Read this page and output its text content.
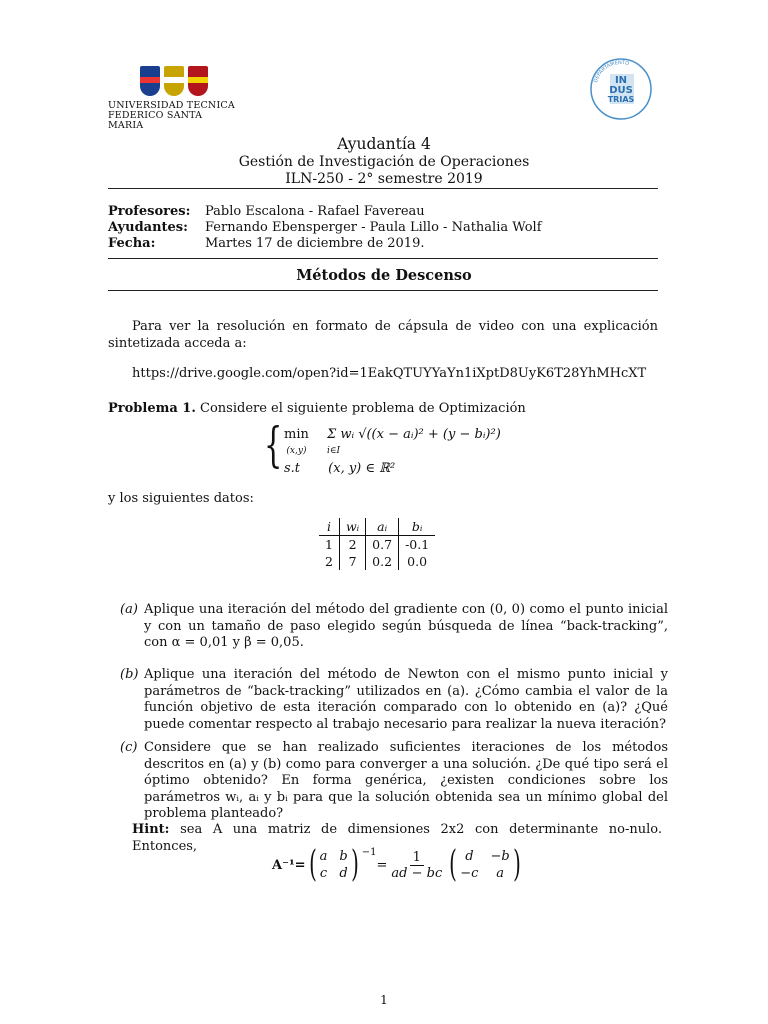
UNIVERSIDAD TECNICA
FEDERICO SANTA MARIA
DEPARTAMENTO
IN
DUS
TRIAS
Ayudantía 4
Gestión de Investigación de Operaciones
ILN-250 - 2° semestre 2019
Profesores:	Pablo Escalona - Rafael Favereau
Ayudantes:	Fernando Ebensperger - Paula Lillo - Nathalia Wolf
Fecha:	Martes 17 de diciembre de 2019.
Métodos de Descenso
Para ver la resolución en formato de cápsula de video con una explicación sintetizada acceda a:
https://drive.google.com/open?id=1EakQTUYYaYn1iXptD8UyK6T28YhMHcXT
Problema 1. Considere el siguiente problema de Optimización
{ min
(x,y) Σ wᵢ √((x − aᵢ)² + (y − bᵢ)²)
i∈I
s.t (x, y) ∈ ℝ²
y los siguientes datos:
i	wᵢ	aᵢ	bᵢ
1	2	0.7	-0.1
2	7	0.2	0.0
(a) Aplique una iteración del método del gradiente con (0, 0) como el punto inicial y con un tamaño de paso elegido según búsqueda de línea “back-tracking”, con α = 0,01 y β = 0,05.
(b) Aplique una iteración del método de Newton con el mismo punto inicial y parámetros de “back-tracking” utilizados en (a). ¿Cómo cambia el valor de la función objetivo de esta iteración comparado con lo obtenido en (a)? ¿Qué puede comentar respecto al trabajo necesario para realizar la nueva iteración?
(c) Considere que se han realizado suficientes iteraciones de los métodos descritos en (a) y (b) como para converger a una solución. ¿De qué tipo será el óptimo obtenido? En forma genérica, ¿existen condiciones sobre los parámetros wᵢ, aᵢ y bᵢ para que la solución obtenida sea un mínimo global del problema planteado?
Hint: sea A una matriz de dimensiones 2x2 con determinante no-nulo. Entonces,
A⁻¹= ( a b
c d ) $^{-1}$
= $\frac{1}{ad - bc}$ ( d	−b
−c	a )
1
